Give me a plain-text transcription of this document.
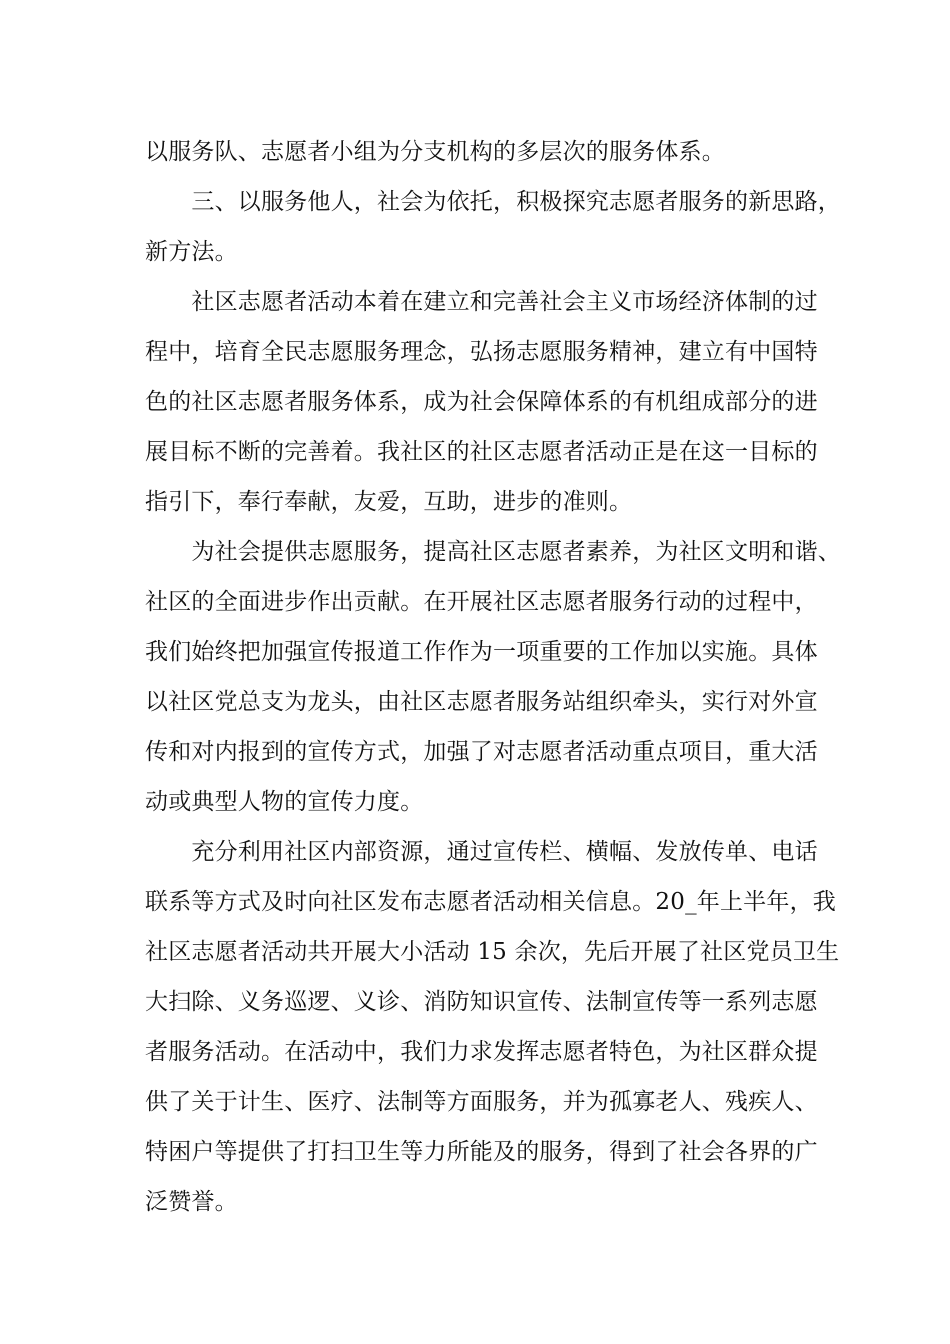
以服务队、志愿者小组为分支机构的多层次的服务体系。
　　三、以服务他人，社会为依托，积极探究志愿者服务的新思路，
新方法。
　　社区志愿者活动本着在建立和完善社会主义市场经济体制的过
程中，培育全民志愿服务理念，弘扬志愿服务精神，建立有中国特
色的社区志愿者服务体系，成为社会保障体系的有机组成部分的进
展目标不断的完善着。我社区的社区志愿者活动正是在这一目标的
指引下，奉行奉献，友爱，互助，进步的准则。
　　为社会提供志愿服务，提高社区志愿者素养，为社区文明和谐、
社区的全面进步作出贡献。在开展社区志愿者服务行动的过程中，
我们始终把加强宣传报道工作作为一项重要的工作加以实施。具体
以社区党总支为龙头，由社区志愿者服务站组织牵头，实行对外宣
传和对内报到的宣传方式，加强了对志愿者活动重点项目，重大活
动或典型人物的宣传力度。
　　充分利用社区内部资源，通过宣传栏、横幅、发放传单、电话
联系等方式及时向社区发布志愿者活动相关信息。20_年上半年，我
社区志愿者活动共开展大小活动 15 余次，先后开展了社区党员卫生
大扫除、义务巡逻、义诊、消防知识宣传、法制宣传等一系列志愿
者服务活动。在活动中，我们力求发挥志愿者特色，为社区群众提
供了关于计生、医疗、法制等方面服务，并为孤寡老人、残疾人、
特困户等提供了打扫卫生等力所能及的服务，得到了社会各界的广
泛赞誉。
